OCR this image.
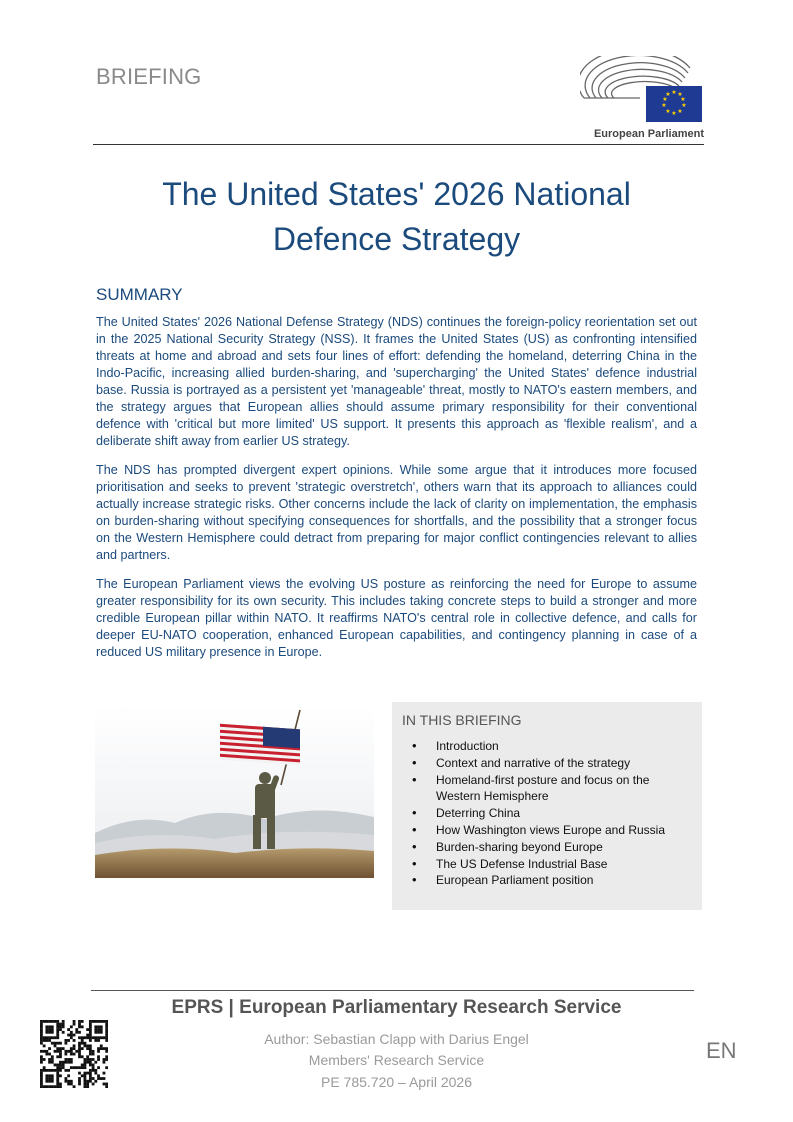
BRIEFING
★ ★
★
★
★
★
★
★
★
★
European Parliament
The United States' 2026 National
Defence Strategy
SUMMARY
The United States' 2026 National Defense Strategy (NDS) continues the foreign-policy reorientation set out in the 2025 National Security Strategy (NSS). It frames the United States (US) as confronting intensified threats at home and abroad and sets four lines of effort: defending the homeland, deterring China in the Indo-Pacific, increasing allied burden-sharing, and 'supercharging' the United States' defence industrial base. Russia is portrayed as a persistent yet 'manageable' threat, mostly to NATO's eastern members, and the strategy argues that European allies should assume primary responsibility for their conventional defence with 'critical but more limited' US support. It presents this approach as 'flexible realism', and a deliberate shift away from earlier US strategy.
The NDS has prompted divergent expert opinions. While some argue that it introduces more focused prioritisation and seeks to prevent 'strategic overstretch', others warn that its approach to alliances could actually increase strategic risks. Other concerns include the lack of clarity on implementation, the emphasis on burden-sharing without specifying consequences for shortfalls, and the possibility that a stronger focus on the Western Hemisphere could detract from preparing for major conflict contingencies relevant to allies and partners.
The European Parliament views the evolving US posture as reinforcing the need for Europe to assume greater responsibility for its own security. This includes taking concrete steps to build a stronger and more credible European pillar within NATO. It reaffirms NATO's central role in collective defence, and calls for deeper EU-NATO cooperation, enhanced European capabilities, and contingency planning in case of a reduced US military presence in Europe.
IN THIS BRIEFING
• Introduction
• Context and narrative of the strategy
• Homeland-first posture and focus on the Western Hemisphere
• Deterring China
• How Washington views Europe and Russia
• Burden-sharing beyond Europe
• The US Defense Industrial Base
• European Parliament position
EPRS | European Parliamentary Research Service
Author: Sebastian Clapp with Darius Engel
Members' Research Service
PE 785.720 – April 2026
EN
